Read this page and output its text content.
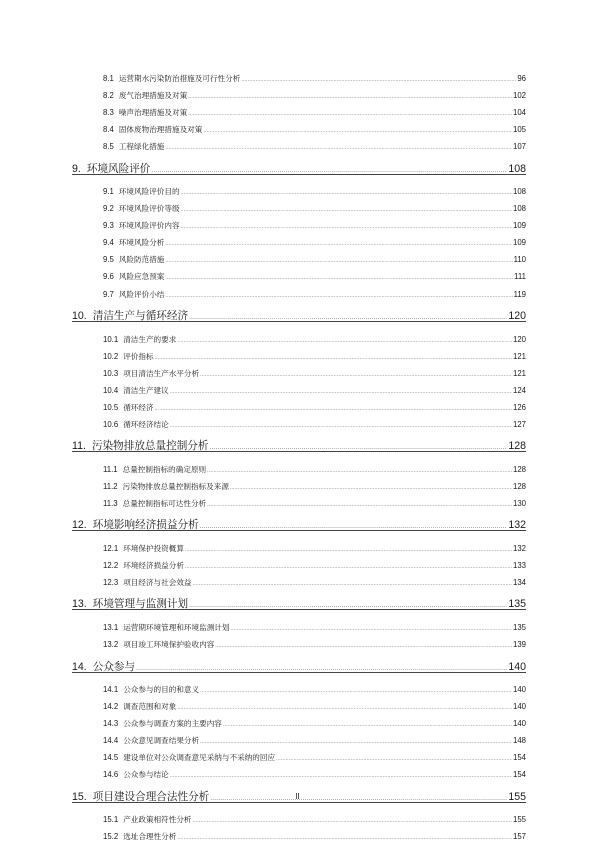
8.1 运营期水污染防治措施及可行性分析 .....	96
8.2 废气治理措施及对策 .....	102
8.3 噪声治理措施及对策 .....	104
8.4 固体废物治理措施及对策 .....	105
8.5 工程绿化措施 .....	107
9. 环境风险评价 .....	108
9.1 环境风险评价目的 .....	108
9.2 环境风险评价等级 .....	108
9.3 环境风险评价内容 .....	109
9.4 环境风险分析 .....	109
9.5 风险防范措施 .....	110
9.6 风险应急预案 .....	111
9.7 风险评价小结 .....	119
10. 清洁生产与循环经济 .....	120
10.1 清洁生产的要求 .....	120
10.2 评价指标 .....	121
10.3 项目清洁生产水平分析 .....	121
10.4 清洁生产建议 .....	124
10.5 循环经济 .....	126
10.6 循环经济结论 .....	127
11. 污染物排放总量控制分析 .....	128
11.1 总量控制指标的确定原则 .....	128
11.2 污染物排放总量控制指标及来源 .....	128
11.3 总量控制指标可达性分析 .....	130
12. 环境影响经济损益分析 .....	132
12.1 环境保护投资概算 .....	132
12.2 环境经济损益分析 .....	133
12.3 项目经济与社会效益 .....	134
13. 环境管理与监测计划 .....	135
13.1 运营期环境管理和环境监测计划 .....	135
13.2 项目竣工环境保护验收内容 .....	139
14. 公众参与 .....	140
14.1 公众参与的目的和意义 .....	140
14.2 调查范围和对象 .....	140
14.3 公众参与调查方案的主要内容 .....	140
14.4 公众意见调查结果分析 .....	148
14.5 建设单位对公众调查意见采纳与不采纳的回应 .....	154
14.6 公众参与结论 .....	154
15. 项目建设合理合法性分析 .....	155
15.1 产业政策相符性分析 .....	155
15.2 选址合理性分析 .....	157
II
